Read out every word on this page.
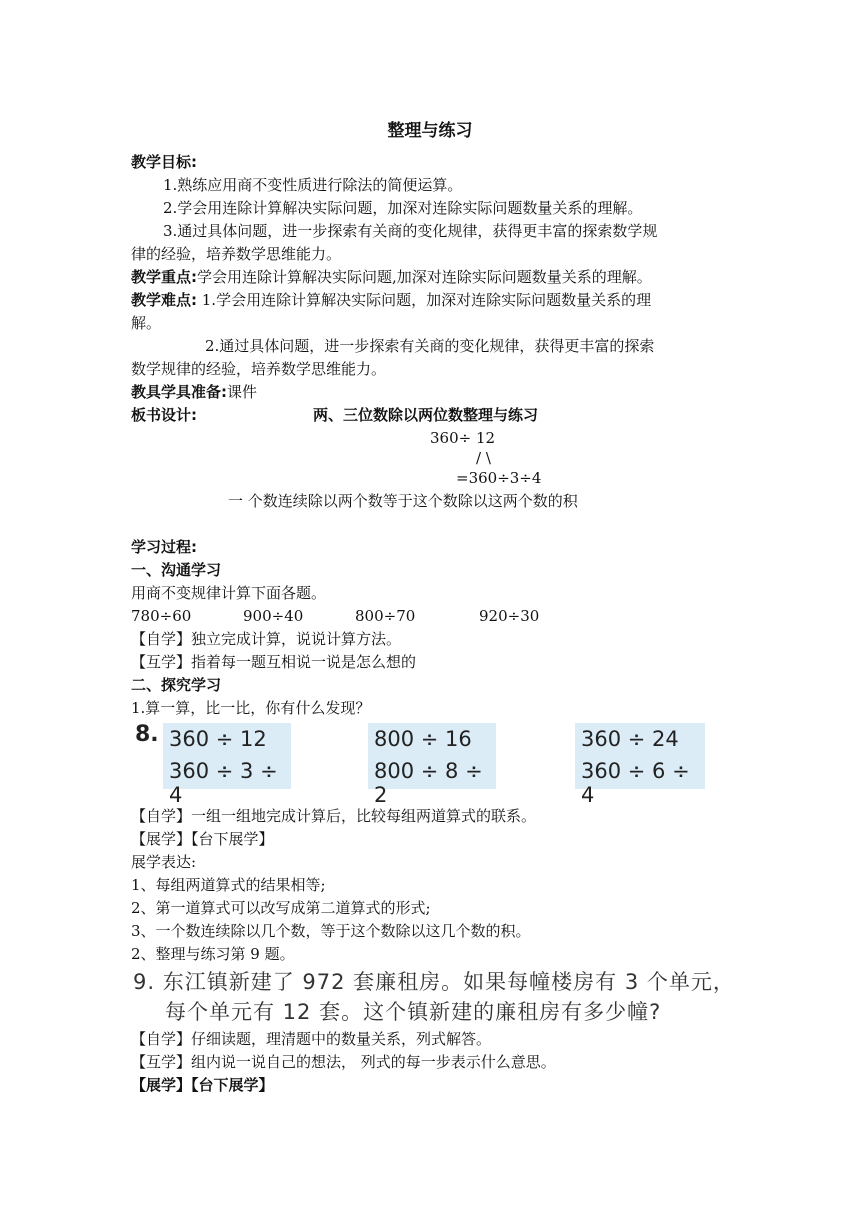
整理与练习
教学目标:
1.熟练应用商不变性质进行除法的简便运算。
2.学会用连除计算解决实际问题，加深对连除实际问题数量关系的理解。
3.通过具体问题，进一步探索有关商的变化规律，获得更丰富的探索数学规
律的经验，培养数学思维能力。
教学重点:学会用连除计算解决实际问题,加深对连除实际问题数量关系的理解。
教学难点: 1.学会用连除计算解决实际问题，加深对连除实际问题数量关系的理
解。
2.通过具体问题，进一步探索有关商的变化规律，获得更丰富的探索
数学规律的经验，培养数学思维能力。
教具学具准备:课件
板书设计:	两、三位数除以两位数整理与练习
360÷ 12
/ \
=360÷3÷4
一 个数连续除以两个数等于这个数除以这两个数的积
学习过程:
一、沟通学习
用商不变规律计算下面各题。
780÷60	900÷40	800÷70	920÷30
【自学】独立完成计算，说说计算方法。
【互学】指着每一题互相说一说是怎么想的
二、探究学习
1.算一算，比一比，你有什么发现？
8. 360 ÷ 12
360 ÷ 3 ÷ 4
800 ÷ 16
800 ÷ 8 ÷ 2
360 ÷ 24
360 ÷ 6 ÷ 4
【自学】一组一组地完成计算后，比较每组两道算式的联系。
【展学】【台下展学】
展学表达:
1、每组两道算式的结果相等;
2、第一道算式可以改写成第二道算式的形式;
3、一个数连续除以几个数，等于这个数除以这几个数的积。
2、整理与练习第 9 题。
9. 东江镇新建了 972 套廉租房。如果每幢楼房有 3 个单元，
每个单元有 12 套。这个镇新建的廉租房有多少幢?
【自学】仔细读题，理清题中的数量关系，列式解答。
【互学】组内说一说自己的想法， 列式的每一步表示什么意思。
【展学】【台下展学】
